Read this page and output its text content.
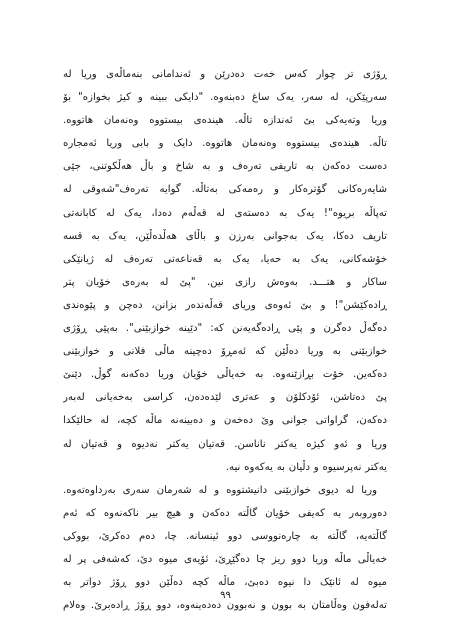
ڕۆژی تر چوار کەس خەت دەدرێن و ئەندامانی بنەماڵەی وریا لە
سەرپێکن، لە سەر، یەک ساغ دەبنەوە. "دایکی ببینە و کیژ بخوازە" بۆ
وریا وتەیەکی بێ ئەندازە تاڵە. هیندەی بیستووە وەنەمان هاتووە.
تاڵە. هیندەی بیستووە وەنەمان هاتووە. دایک و بابی وریا ئەمجارە
دەست دەکەن بە تاریفی تەرەف و بە شاخ و باڵ هەڵکوتنی، جێی
شایەرەکانی گۆترەکار و رەمەکی بەتاڵە. گوایە تەرەف"شەوقی لە
تەپاڵە بریوە"! یەک بە دەستەی لە قەڵەم دەدا، یەک لە کابانەتی
تاریف دەکا، یەک بەجوانی بەرزن و باڵای هەڵدەڵێن، یەک بە قسە
خۆشەکانی، یەک بە حەیا، یەک بە قەناعەتی تەرەف لە ژیانێکی
ساکار و هتـــد. بەوەش رازی نین. "پێ لە بەرەی خۆیان پتر
ڕادەکێشن"! و بێ ئەوەی وریای قەڵەندەر بزانن، دەچن و پێوەندی
دەگەڵ دەگرن و پێی ڕادەگەیەنن کە: "دێینە خوازبێنی". بەپێی ڕۆژی
خوازبێنی بە وریا دەڵێن کە ئەمڕۆ دەچینە ماڵی فلانی و خوازبێنی
دەکەین. خۆت بڕازێنەوە. بە خەیاڵی خۆیان وریا دەکەنە گوڵ. دێنێ
پێ دەتاشن، ئۆدکلۆن و عەتری لێدەدەن، کراسی بەخەیانی لەبەر
دەکەن، گراواتی جوانی وێ دەخەن و دەبینەنە ماڵە کچە، لە حالێکدا
وریا و ئەو کیژە یەکتر ناناسن. قەتیان یەکتر نەدیوە و قەتیان لە
یەکتر نەپرسیوە و دڵیان بە یەکەوە نیە.
وریا لە دیوی خوازبێنی دانیشتووە و لە شەرمان سەری بەرداوەتەوە.
دەوروبەر بە کەیفی خۆیان گاڵتە دەکەن و هیچ بیر ناکەنەوە کە ئەم
گاڵتەیە، گاڵتە بە چارەنووسی دوو ئینسانە. چا، دەم دەکرێ، بووکی
خەیاڵی ماڵە وریا دوو ریز چا دەگێڕێ، ئۆیەی میوە دێ، کەشەفی پر لە
میوە لە ئانێک دا نیوە دەبێ، ماڵە کچە دەڵێن دوو ڕۆژ دواتر بە
تەلەفون وەڵامتان بە بوون و نەبوون دەدەینەوە، دوو ڕۆژ ڕادەبرێ. وەلام
٩٩
